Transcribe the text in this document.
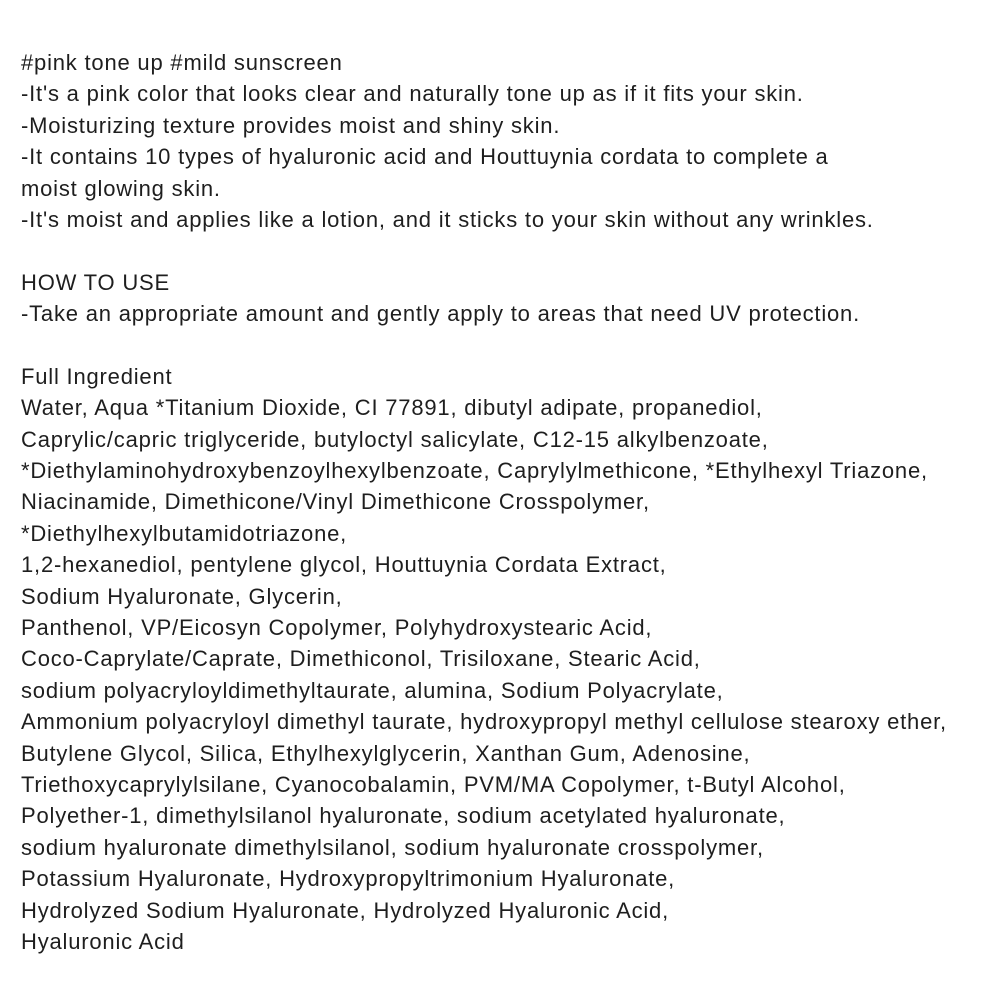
#pink tone up #mild sunscreen
-It's a pink color that looks clear and naturally tone up as if it fits your skin.
-Moisturizing texture provides moist and shiny skin.
-It contains 10 types of hyaluronic acid and Houttuynia cordata to complete a
moist glowing skin.
-It's moist and applies like a lotion, and it sticks to your skin without any wrinkles.
HOW TO USE
-Take an appropriate amount and gently apply to areas that need UV protection.
Full Ingredient
Water, Aqua *Titanium Dioxide, CI 77891, dibutyl adipate, propanediol,
Caprylic/capric triglyceride, butyloctyl salicylate, C12-15 alkylbenzoate,
*Diethylaminohydroxybenzoylhexylbenzoate, Caprylylmethicone, *Ethylhexyl Triazone,
Niacinamide, Dimethicone/Vinyl Dimethicone Crosspolymer,
*Diethylhexylbutamidotriazone,
1,2-hexanediol, pentylene glycol, Houttuynia Cordata Extract,
Sodium Hyaluronate, Glycerin,
Panthenol, VP/Eicosyn Copolymer, Polyhydroxystearic Acid,
Coco-Caprylate/Caprate, Dimethiconol, Trisiloxane, Stearic Acid,
sodium polyacryloyldimethyltaurate, alumina, Sodium Polyacrylate,
Ammonium polyacryloyl dimethyl taurate, hydroxypropyl methyl cellulose stearoxy ether,
Butylene Glycol, Silica, Ethylhexylglycerin, Xanthan Gum, Adenosine,
Triethoxycaprylylsilane, Cyanocobalamin, PVM/MA Copolymer, t-Butyl Alcohol,
Polyether-1, dimethylsilanol hyaluronate, sodium acetylated hyaluronate,
sodium hyaluronate dimethylsilanol, sodium hyaluronate crosspolymer,
Potassium Hyaluronate, Hydroxypropyltrimonium Hyaluronate,
Hydrolyzed Sodium Hyaluronate, Hydrolyzed Hyaluronic Acid,
Hyaluronic Acid
